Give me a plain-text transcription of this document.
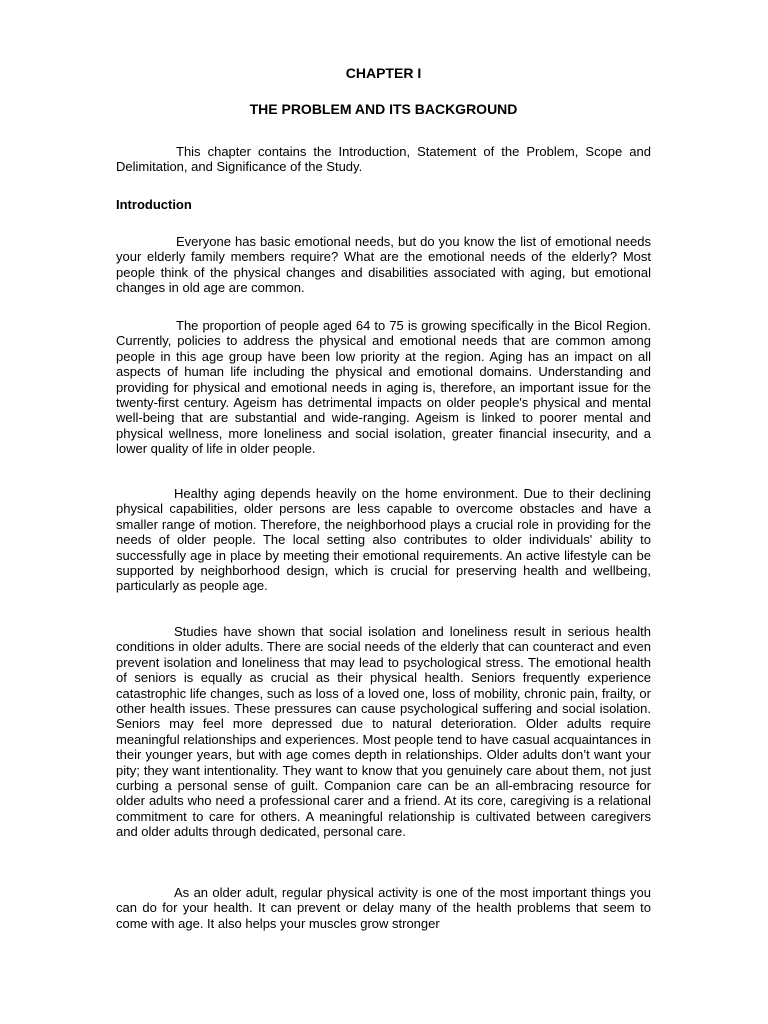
CHAPTER I
THE PROBLEM AND ITS BACKGROUND

This chapter contains the Introduction, Statement of the Problem, Scope and Delimitation, and Significance of the Study.

Introduction

Everyone has basic emotional needs, but do you know the list of emotional needs your elderly family members require? What are the emotional needs of the elderly? Most people think of the physical changes and disabilities associated with aging, but emotional changes in old age are common.

The proportion of people aged 64 to 75 is growing specifically in the Bicol Region. Currently, policies to address the physical and emotional needs that are common among people in this age group have been low priority at the region. Aging has an impact on all aspects of human life including the physical and emotional domains. Understanding and providing for physical and emotional needs in aging is, therefore, an important issue for the twenty-first century. Ageism has detrimental impacts on older people's physical and mental well-being that are substantial and wide-ranging. Ageism is linked to poorer mental and physical wellness, more loneliness and social isolation, greater financial insecurity, and a lower quality of life in older people.

Healthy aging depends heavily on the home environment. Due to their declining physical capabilities, older persons are less capable to overcome obstacles and have a smaller range of motion. Therefore, the neighborhood plays a crucial role in providing for the needs of older people. The local setting also contributes to older individuals' ability to successfully age in place by meeting their emotional requirements. An active lifestyle can be supported by neighborhood design, which is crucial for preserving health and wellbeing, particularly as people age.

Studies have shown that social isolation and loneliness result in serious health conditions in older adults. There are social needs of the elderly that can counteract and even prevent isolation and loneliness that may lead to psychological stress. The emotional health of seniors is equally as crucial as their physical health. Seniors frequently experience catastrophic life changes, such as loss of a loved one, loss of mobility, chronic pain, frailty, or other health issues. These pressures can cause psychological suffering and social isolation. Seniors may feel more depressed due to natural deterioration. Older adults require meaningful relationships and experiences. Most people tend to have casual acquaintances in their younger years, but with age comes depth in relationships. Older adults don’t want your pity; they want intentionality. They want to know that you genuinely care about them, not just curbing a personal sense of guilt. Companion care can be an all-embracing resource for older adults who need a professional carer and a friend. At its core, caregiving is a relational commitment to care for others. A meaningful relationship is cultivated between caregivers and older adults through dedicated, personal care.

As an older adult, regular physical activity is one of the most important things you can do for your health. It can prevent or delay many of the health problems that seem to come with age. It also helps your muscles grow stronger
